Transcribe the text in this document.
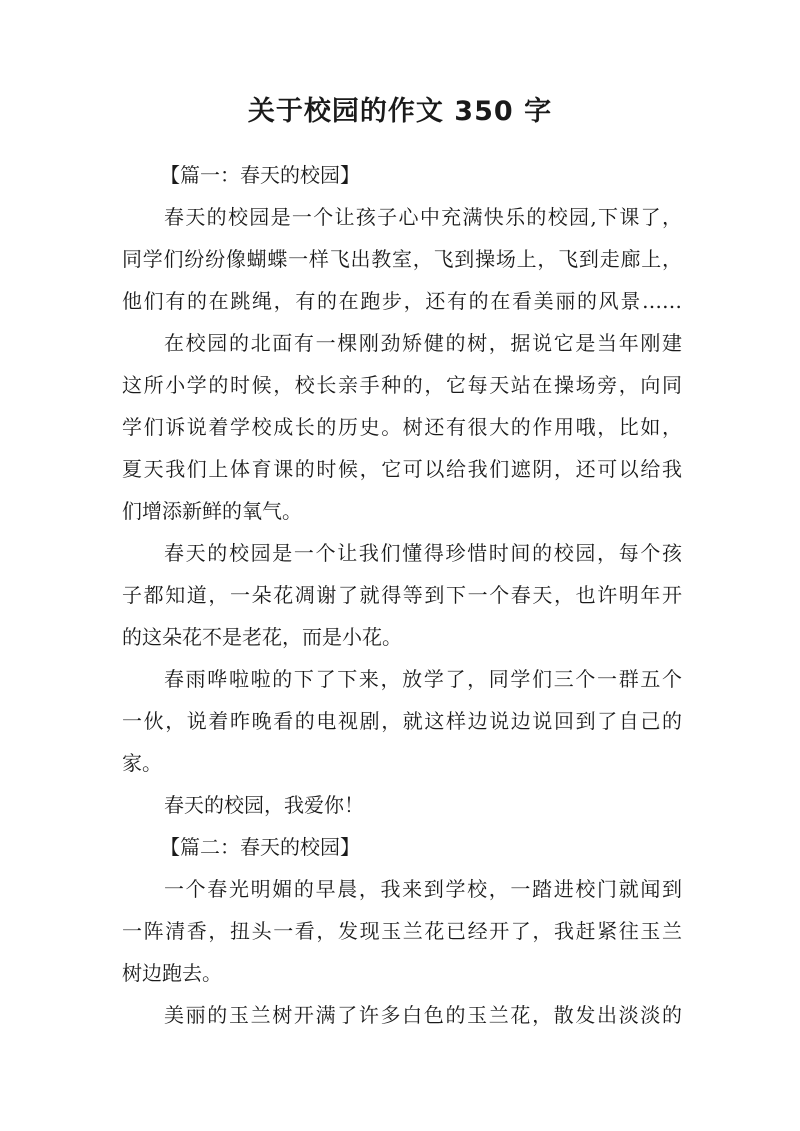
关于校园的作文 350 字
【篇一：春天的校园】
春天的校园是一个让孩子心中充满快乐的校园,下课了，
同学们纷纷像蝴蝶一样飞出教室，飞到操场上，飞到走廊上，
他们有的在跳绳，有的在跑步，还有的在看美丽的风景……
在校园的北面有一棵刚劲矫健的树，据说它是当年刚建
这所小学的时候，校长亲手种的，它每天站在操场旁，向同
学们诉说着学校成长的历史。树还有很大的作用哦，比如，
夏天我们上体育课的时候，它可以给我们遮阴，还可以给我
们增添新鲜的氧气。
春天的校园是一个让我们懂得珍惜时间的校园，每个孩
子都知道，一朵花凋谢了就得等到下一个春天，也许明年开
的这朵花不是老花，而是小花。
春雨哗啦啦的下了下来，放学了，同学们三个一群五个
一伙，说着昨晚看的电视剧，就这样边说边说回到了自己的
家。
春天的校园，我爱你！
【篇二：春天的校园】
一个春光明媚的早晨，我来到学校，一踏进校门就闻到
一阵清香，扭头一看，发现玉兰花已经开了，我赶紧往玉兰
树边跑去。
美丽的玉兰树开满了许多白色的玉兰花，散发出淡淡的
